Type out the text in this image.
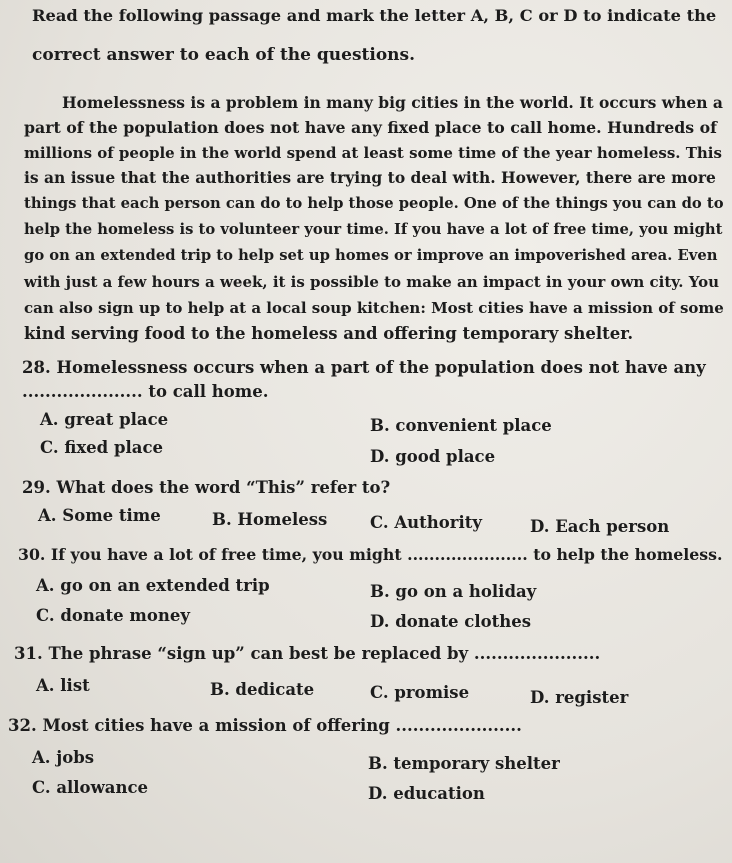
Read the following passage and mark the letter A, B, C or D to indicate the
correct answer to each of the questions.
Homelessness is a problem in many big cities in the world. It occurs when a
part of the population does not have any fixed place to call home. Hundreds of
millions of people in the world spend at least some time of the year homeless. This
is an issue that the authorities are trying to deal with. However, there are more
things that each person can do to help those people. One of the things you can do to
help the homeless is to volunteer your time. If you have a lot of free time, you might
go on an extended trip to help set up homes or improve an impoverished area. Even
with just a few hours a week, it is possible to make an impact in your own city. You
can also sign up to help at a local soup kitchen: Most cities have a mission of some
kind serving food to the homeless and offering temporary shelter.
28. Homelessness occurs when a part of the population does not have any
..................... to call home.
A. great place	B. convenient place
C. fixed place	D. good place
29. What does the word “This” refer to?
A. Some time	B. Homeless	C. Authority	D. Each person
30. If you have a lot of free time, you might ...................... to help the homeless.
A. go on an extended trip	B. go on a holiday
C. donate money	D. donate clothes
31. The phrase “sign up” can best be replaced by ......................
A. list	B. dedicate	C. promise	D. register
32. Most cities have a mission of offering ......................
A. jobs	B. temporary shelter
C. allowance	D. education
